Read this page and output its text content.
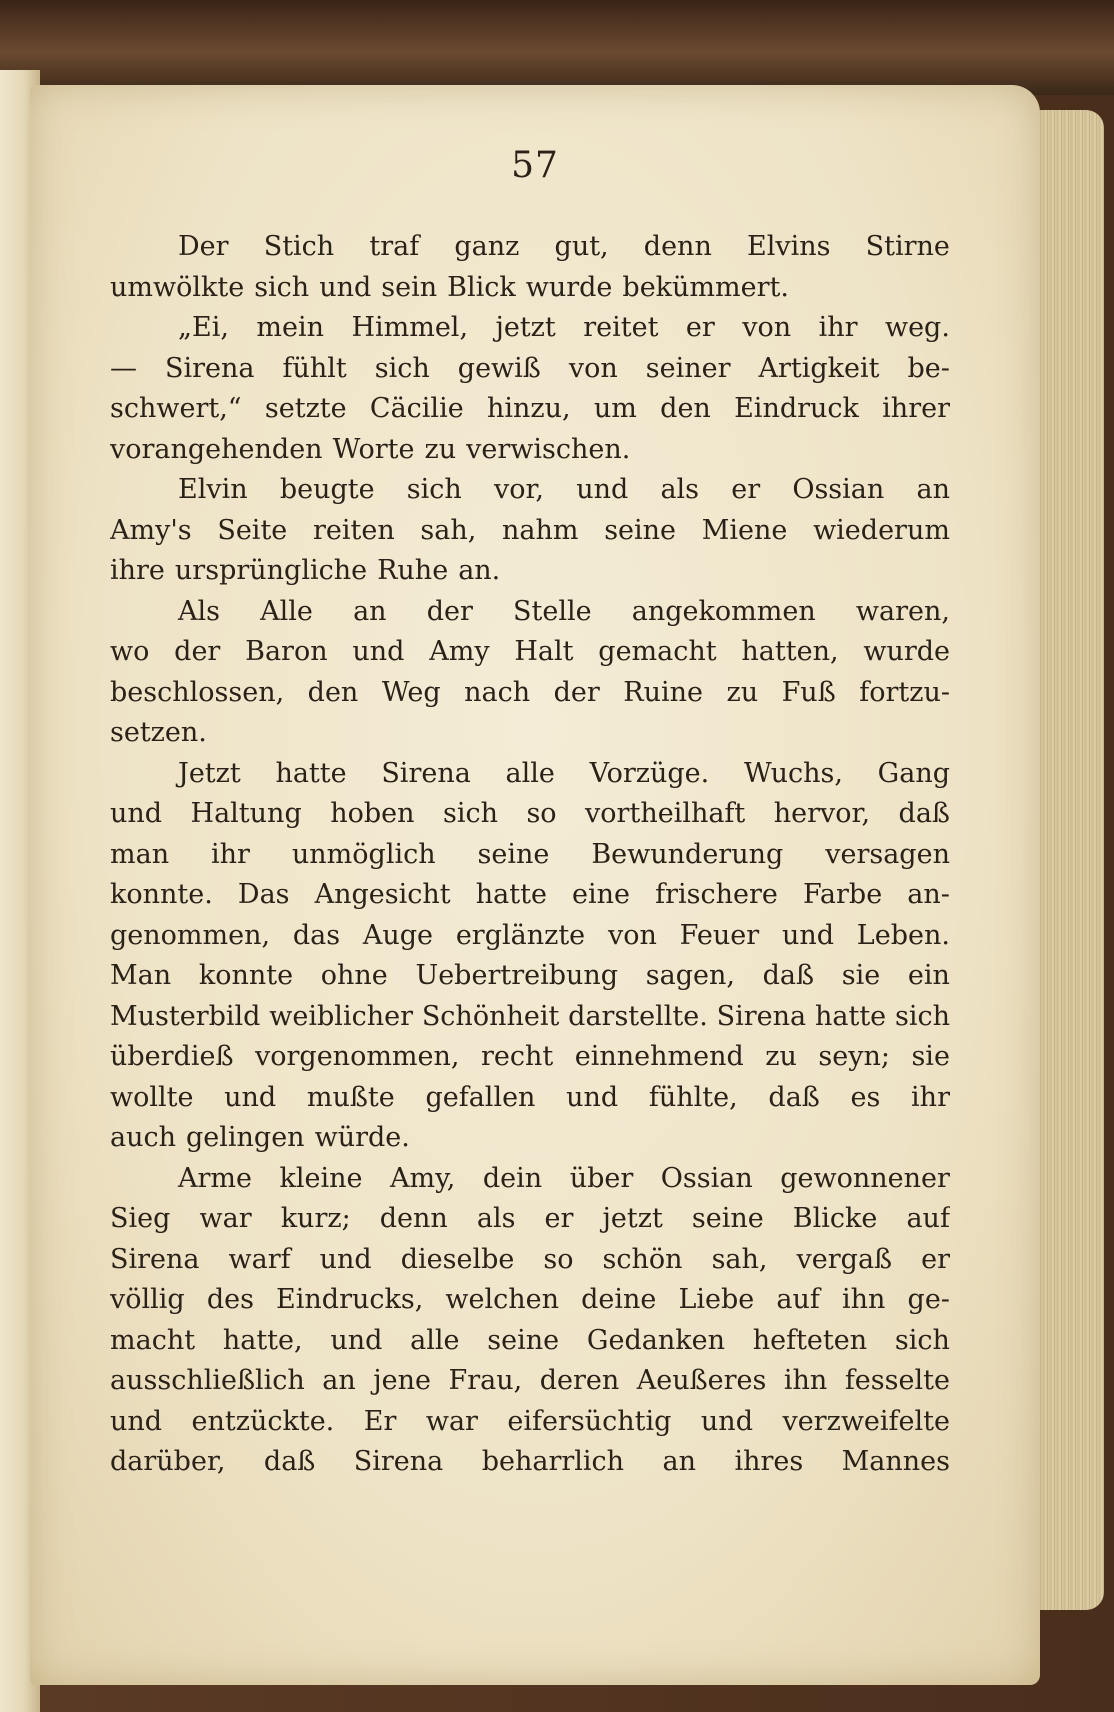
57
Der Stich traf ganz gut, denn Elvins Stirne
umwölkte sich und sein Blick wurde bekümmert.
„Ei, mein Himmel, jetzt reitet er von ihr weg.
— Sirena fühlt sich gewiß von seiner Artigkeit be-
schwert,“ setzte Cäcilie hinzu, um den Eindruck ihrer
vorangehenden Worte zu verwischen.
Elvin beugte sich vor, und als er Ossian an
Amy's Seite reiten sah, nahm seine Miene wiederum
ihre ursprüngliche Ruhe an.
Als Alle an der Stelle angekommen waren,
wo der Baron und Amy Halt gemacht hatten, wurde
beschlossen, den Weg nach der Ruine zu Fuß fortzu-
setzen.
Jetzt hatte Sirena alle Vorzüge. Wuchs, Gang
und Haltung hoben sich so vortheilhaft hervor, daß
man ihr unmöglich seine Bewunderung versagen
konnte. Das Angesicht hatte eine frischere Farbe an-
genommen, das Auge erglänzte von Feuer und Leben.
Man konnte ohne Uebertreibung sagen, daß sie ein
Musterbild weiblicher Schönheit darstellte. Sirena hatte sich
überdieß vorgenommen, recht einnehmend zu seyn; sie
wollte und mußte gefallen und fühlte, daß es ihr
auch gelingen würde.
Arme kleine Amy, dein über Ossian gewonnener
Sieg war kurz; denn als er jetzt seine Blicke auf
Sirena warf und dieselbe so schön sah, vergaß er
völlig des Eindrucks, welchen deine Liebe auf ihn ge-
macht hatte, und alle seine Gedanken hefteten sich
ausschließlich an jene Frau, deren Aeußeres ihn fesselte
und entzückte. Er war eifersüchtig und verzweifelte
darüber, daß Sirena beharrlich an ihres Mannes
